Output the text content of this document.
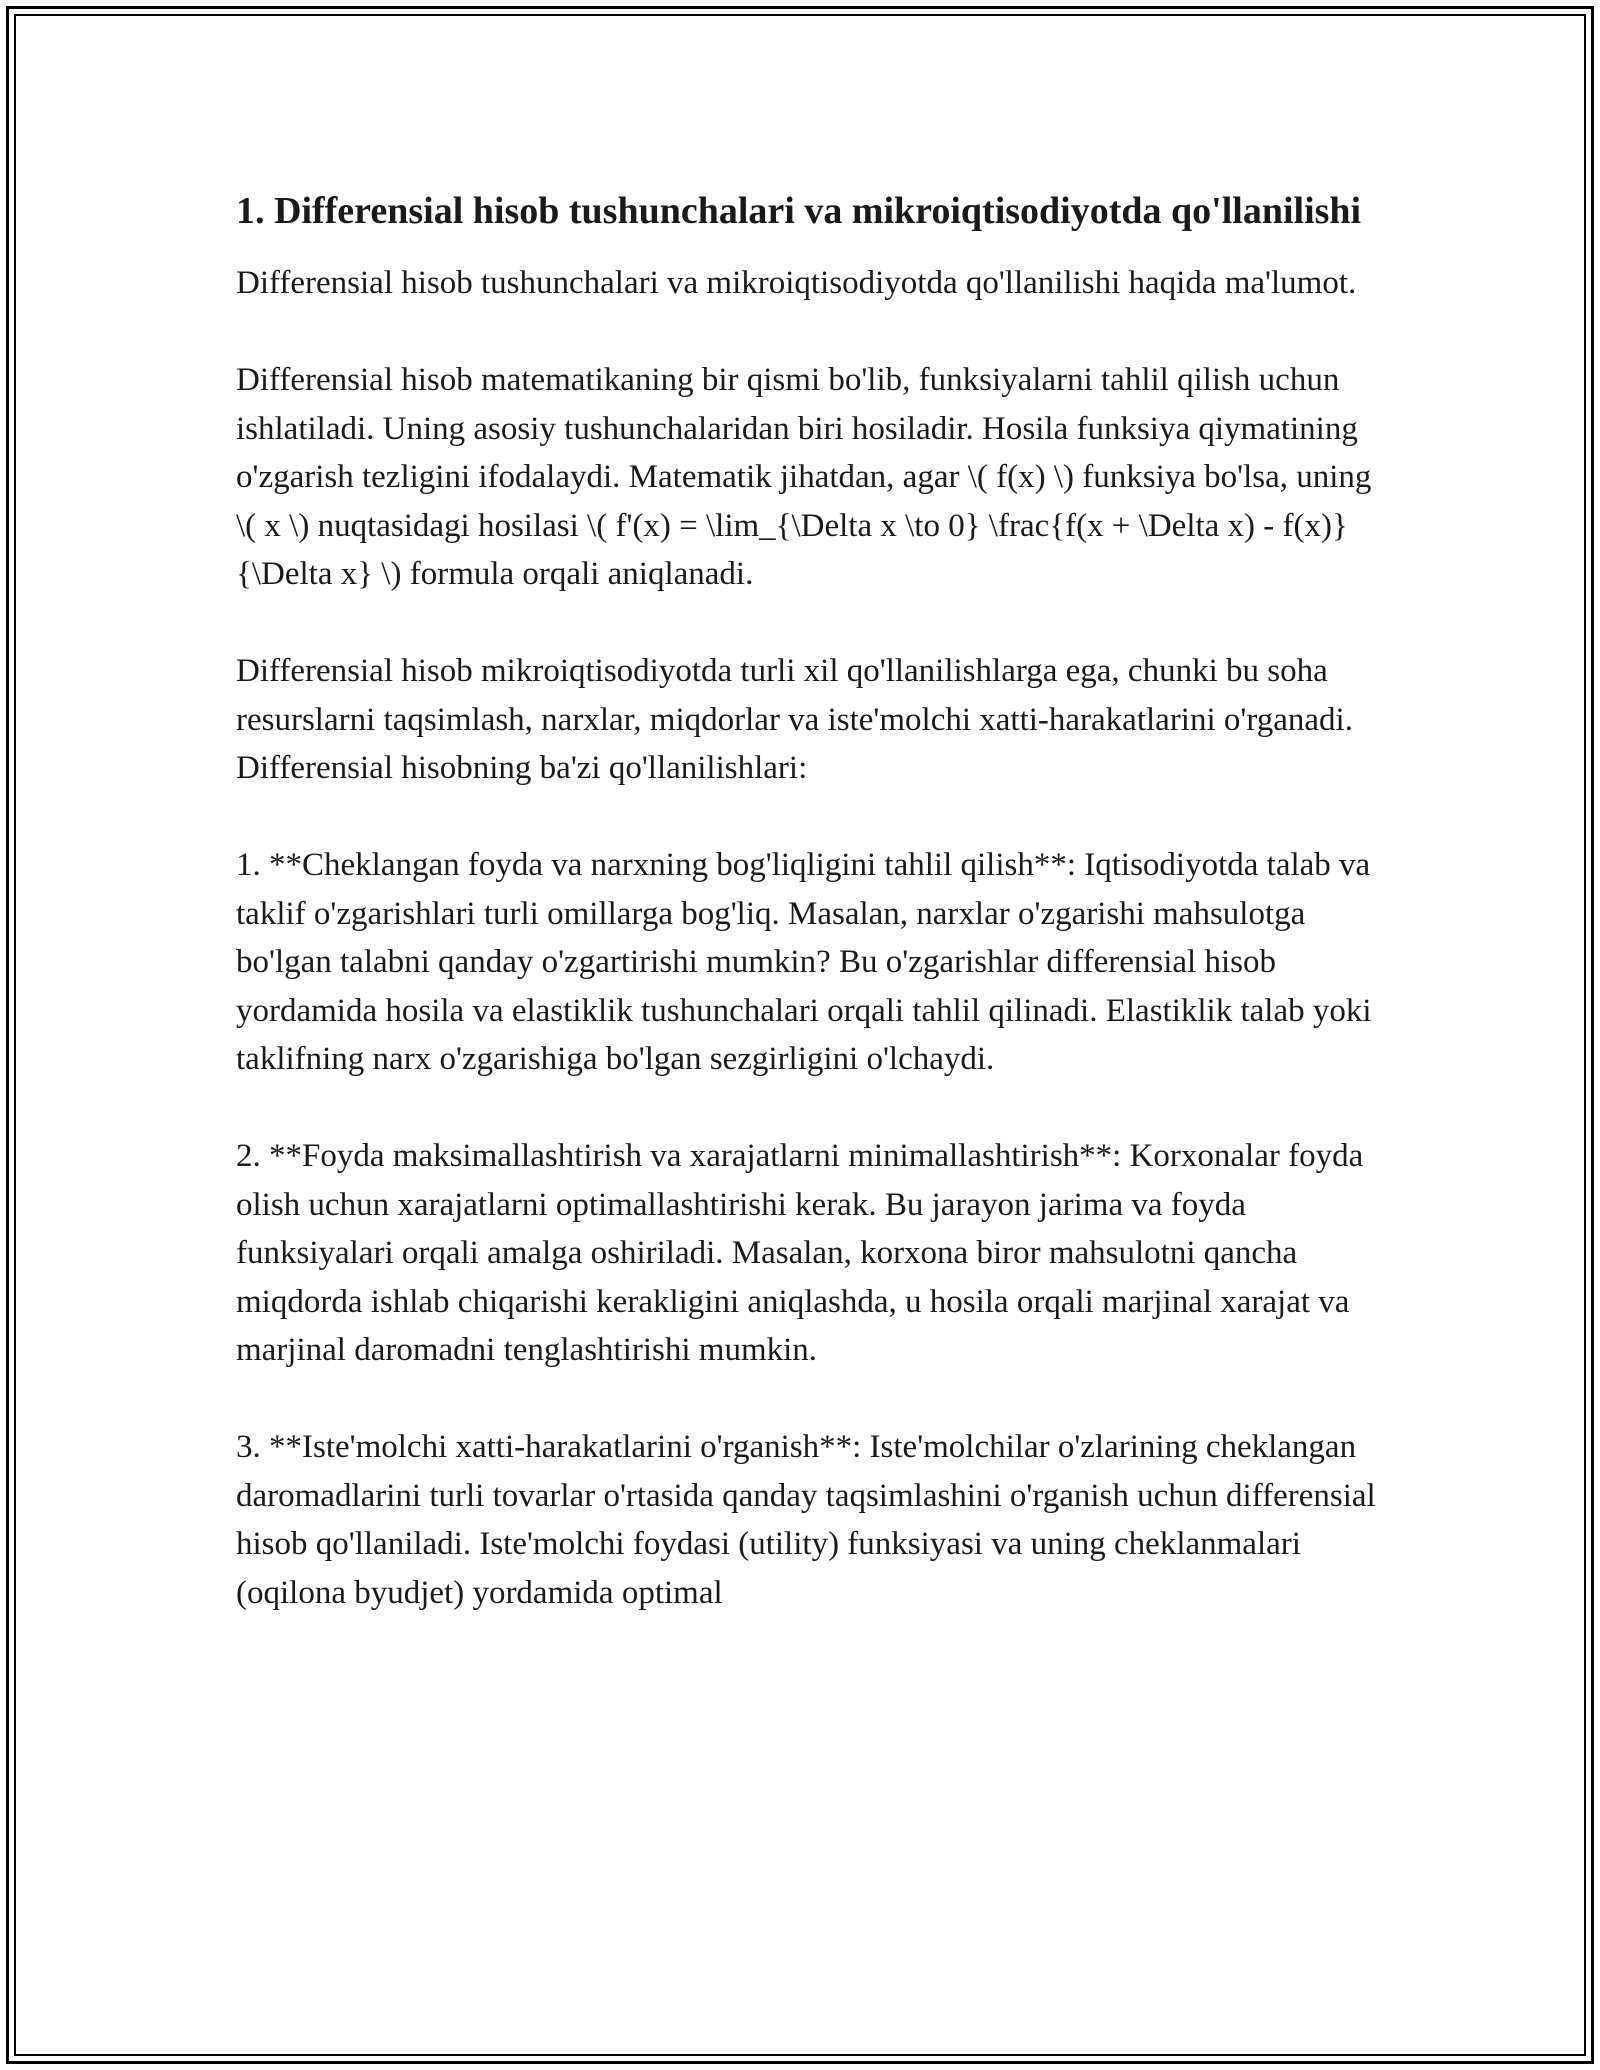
1. Differensial hisob tushunchalari va mikroiqtisodiyotda qo'llanilishi

Differensial hisob tushunchalari va mikroiqtisodiyotda qo'llanilishi haqida ma'lumot.

Differensial hisob matematikaning bir qismi bo'lib, funksiyalarni tahlil qilish uchun ishlatiladi. Uning asosiy tushunchalaridan biri hosiladir. Hosila funksiya qiymatining o'zgarish tezligini ifodalaydi. Matematik jihatdan, agar \( f(x) \) funksiya bo'lsa, uning \( x \) nuqtasidagi hosilasi \( f'(x) = \lim_{\Delta x \to 0} \frac{f(x + \Delta x) - f(x)}{\Delta x} \) formula orqali aniqlanadi.

Differensial hisob mikroiqtisodiyotda turli xil qo'llanilishlarga ega, chunki bu soha resurslarni taqsimlash, narxlar, miqdorlar va iste'molchi xatti-harakatlarini o'rganadi. Differensial hisobning ba'zi qo'llanilishlari:

1. **Cheklangan foyda va narxning bog'liqligini tahlil qilish**: Iqtisodiyotda talab va taklif o'zgarishlari turli omillarga bog'liq. Masalan, narxlar o'zgarishi mahsulotga bo'lgan talabni qanday o'zgartirishi mumkin? Bu o'zgarishlar differensial hisob yordamida hosila va elastiklik tushunchalari orqali tahlil qilinadi. Elastiklik talab yoki taklifning narx o'zgarishiga bo'lgan sezgirligini o'lchaydi.

2. **Foyda maksimallashtirish va xarajatlarni minimallashtirish**: Korxonalar foyda olish uchun xarajatlarni optimallashtirishi kerak. Bu jarayon jarima va foyda funksiyalari orqali amalga oshiriladi. Masalan, korxona biror mahsulotni qancha miqdorda ishlab chiqarishi kerakligini aniqlashda, u hosila orqali marjinal xarajat va marjinal daromadni tenglashtirishi mumkin.

3. **Iste'molchi xatti-harakatlarini o'rganish**: Iste'molchilar o'zlarining cheklangan daromadlarini turli tovarlar o'rtasida qanday taqsimlashini o'rganish uchun differensial hisob qo'llaniladi. Iste'molchi foydasi (utility) funksiyasi va uning cheklanmalari (oqilona byudjet) yordamida optimal
